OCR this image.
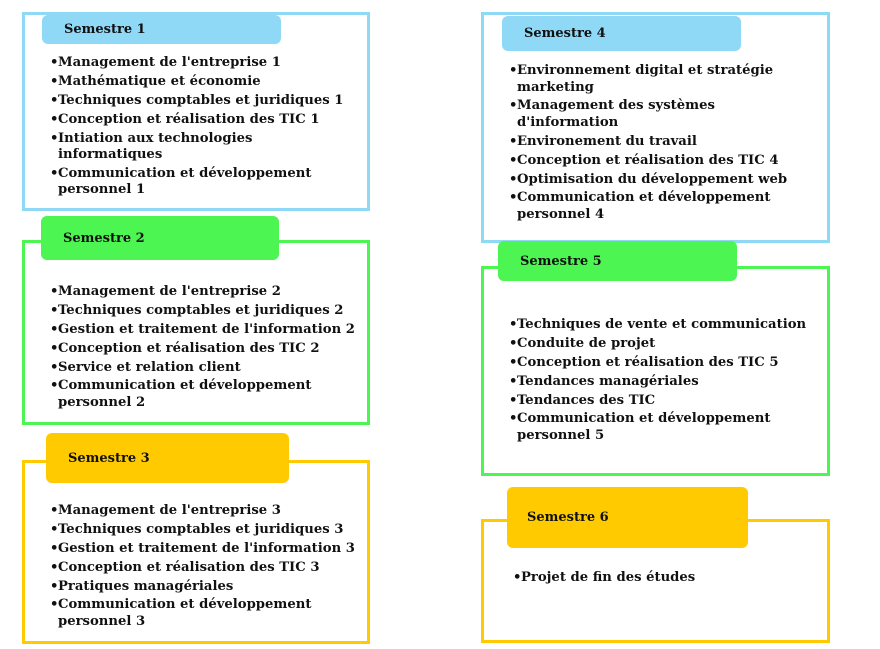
Semestre 1
• Management de l'entreprise 1
• Mathématique et économie
• Techniques comptables et juridiques 1
• Conception et réalisation des TIC 1
• Intiation aux technologies informatiques
• Communication et développement personnel 1
Semestre 2
• Management de l'entreprise 2
• Techniques comptables et juridiques 2
• Gestion et traitement de l'information 2
• Conception et réalisation des TIC 2
• Service et relation client
• Communication et développement personnel 2
Semestre 3
• Management de l'entreprise 3
• Techniques comptables et juridiques 3
• Gestion et traitement de l'information 3
• Conception et réalisation des TIC 3
• Pratiques managériales
• Communication et développement personnel 3
Semestre 4
• Environnement digital et stratégie marketing
• Management des systèmes d'information
• Environement du travail
• Conception et réalisation des TIC 4
• Optimisation du développement web
• Communication et développement personnel 4
Semestre 5
• Techniques de vente et communication
• Conduite de projet
• Conception et réalisation des TIC 5
• Tendances managériales
• Tendances des TIC
• Communication et développement personnel 5
Semestre 6
• Projet de fin des études
